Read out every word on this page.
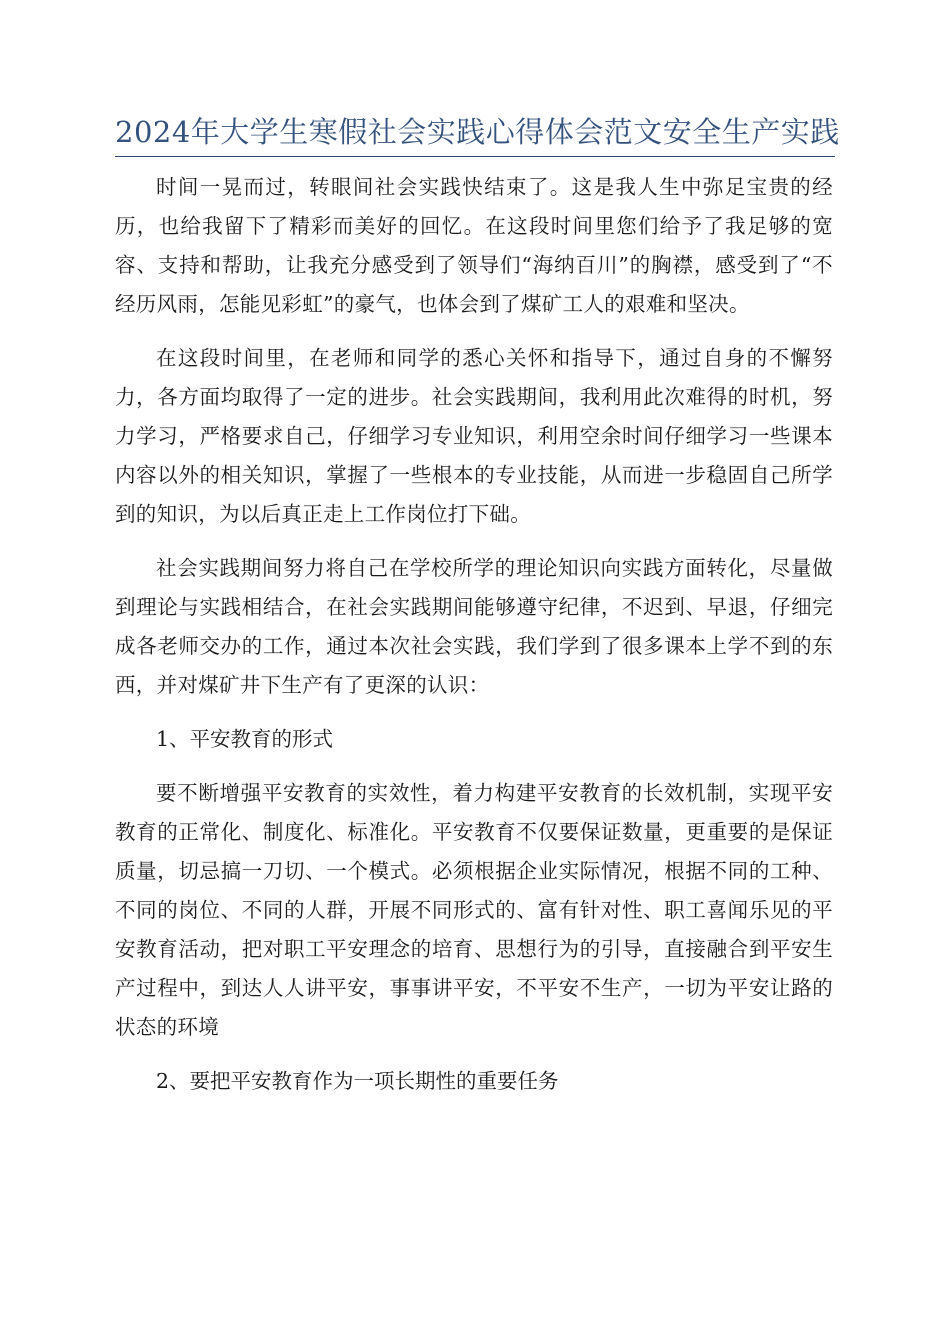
2024年大学生寒假社会实践心得体会范文安全生产实践

时间一晃而过，转眼间社会实践快结束了。这是我人生中弥足宝贵的经历，也给我留下了精彩而美好的回忆。在这段时间里您们给予了我足够的宽容、支持和帮助，让我充分感受到了领导们“海纳百川”的胸襟，感受到了“不经历风雨，怎能见彩虹”的豪气，也体会到了煤矿工人的艰难和坚决。

在这段时间里，在老师和同学的悉心关怀和指导下，通过自身的不懈努力，各方面均取得了一定的进步。社会实践期间，我利用此次难得的时机，努力学习，严格要求自己，仔细学习专业知识，利用空余时间仔细学习一些课本内容以外的相关知识，掌握了一些根本的专业技能，从而进一步稳固自己所学到的知识，为以后真正走上工作岗位打下础。

社会实践期间努力将自己在学校所学的理论知识向实践方面转化，尽量做到理论与实践相结合，在社会实践期间能够遵守纪律，不迟到、早退，仔细完成各老师交办的工作，通过本次社会实践，我们学到了很多课本上学不到的东西，并对煤矿井下生产有了更深的认识：

1、平安教育的形式

要不断增强平安教育的实效性，着力构建平安教育的长效机制，实现平安教育的正常化、制度化、标准化。平安教育不仅要保证数量，更重要的是保证质量，切忌搞一刀切、一个模式。必须根据企业实际情况，根据不同的工种、不同的岗位、不同的人群，开展不同形式的、富有针对性、职工喜闻乐见的平安教育活动，把对职工平安理念的培育、思想行为的引导，直接融合到平安生产过程中，到达人人讲平安，事事讲平安，不平安不生产，一切为平安让路的状态的环境

2、要把平安教育作为一项长期性的重要任务
